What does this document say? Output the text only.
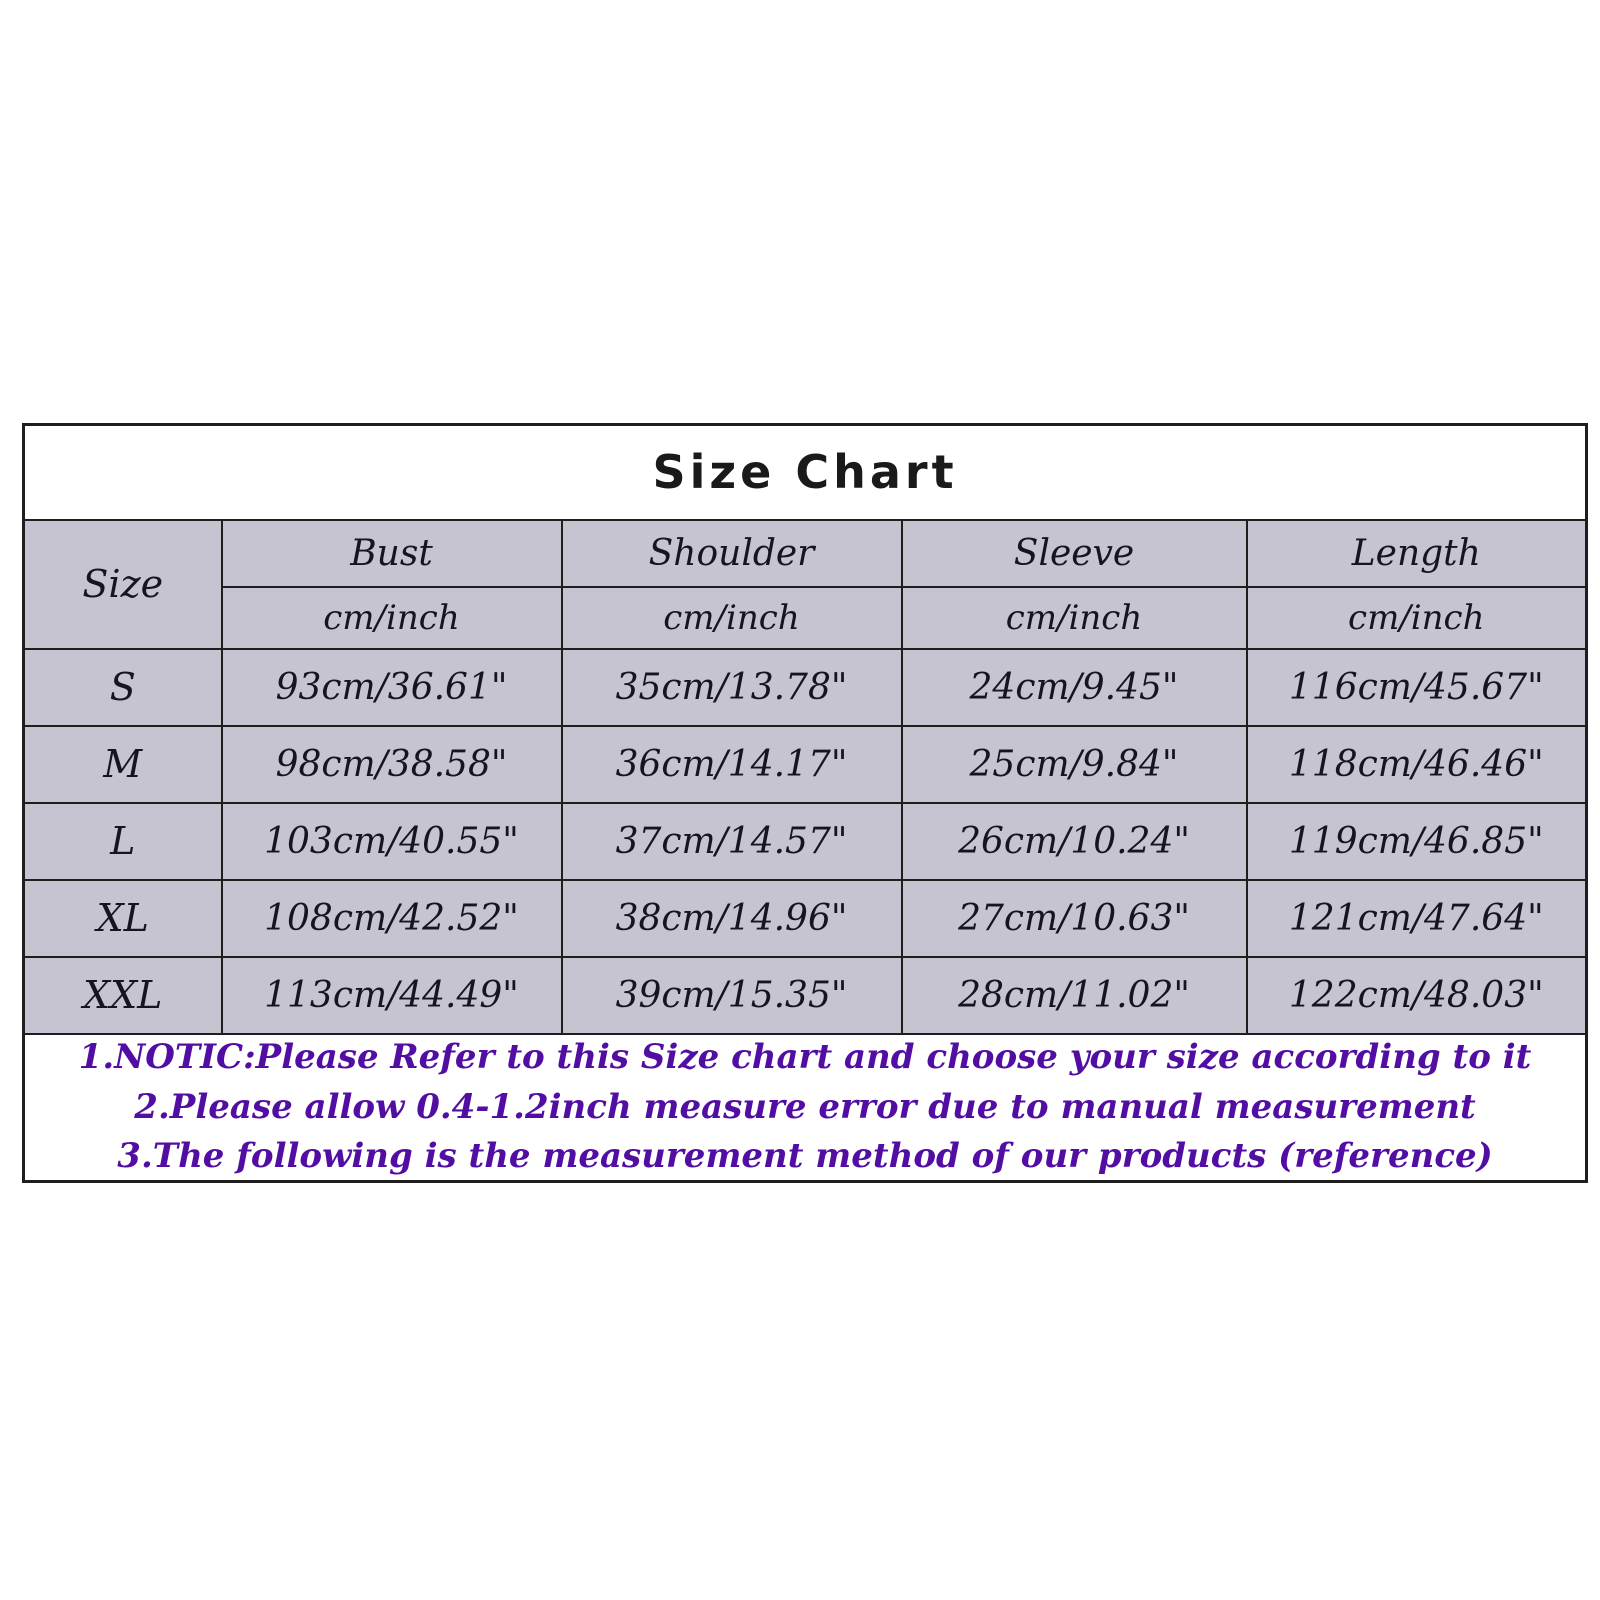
Size Chart				
Size	Bust	Shoulder	Sleeve	Length
	cm/inch	cm/inch	cm/inch	cm/inch
S	93cm/36.61"	35cm/13.78"	24cm/9.45"	116cm/45.67"
M	98cm/38.58"	36cm/14.17"	25cm/9.84"	118cm/46.46"
L	103cm/40.55"	37cm/14.57"	26cm/10.24"	119cm/46.85"
XL	108cm/42.52"	38cm/14.96"	27cm/10.63"	121cm/47.64"
XXL	113cm/44.49"	39cm/15.35"	28cm/11.02"	122cm/48.03"

1.NOTIC:Please Refer to this Size chart and choose your size according to it
2.Please allow 0.4-1.2inch measure error due to manual measurement
3.The following is the measurement method of our products (reference)				
